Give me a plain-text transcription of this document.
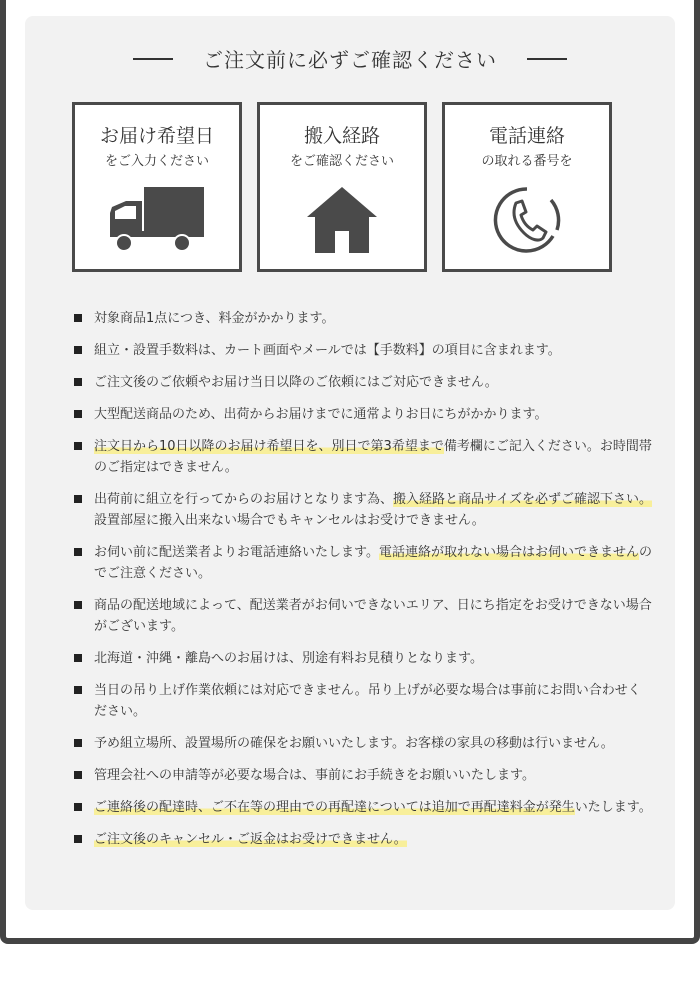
ご注文前に必ずご確認ください
お届け希望日
をご入力ください
搬入経路
をご確認ください
電話連絡
の取れる番号を
対象商品1点につき、料金がかかります。
組立・設置手数料は、カート画面やメールでは【手数料】の項目に含まれます。
ご注文後のご依頼やお届け当日以降のご依頼にはご対応できません。
大型配送商品のため、出荷からお届けまでに通常よりお日にちがかかります。
注文日から10日以降のお届け希望日を、別日で第3希望まで備考欄にご記入ください。お時間帯のご指定はできません。
出荷前に組立を行ってからのお届けとなります為、搬入経路と商品サイズを必ずご確認下さい。設置部屋に搬入出来ない場合でもキャンセルはお受けできません。
お伺い前に配送業者よりお電話連絡いたします。電話連絡が取れない場合はお伺いできませんのでご注意ください。
商品の配送地域によって、配送業者がお伺いできないエリア、日にち指定をお受けできない場合がございます。
北海道・沖縄・離島へのお届けは、別途有料お見積りとなります。
当日の吊り上げ作業依頼には対応できません。吊り上げが必要な場合は事前にお問い合わせください。
予め組立場所、設置場所の確保をお願いいたします。お客様の家具の移動は行いません。
管理会社への申請等が必要な場合は、事前にお手続きをお願いいたします。
ご連絡後の配達時、ご不在等の理由での再配達については追加で再配達料金が発生いたします。
ご注文後のキャンセル・ご返金はお受けできません。
